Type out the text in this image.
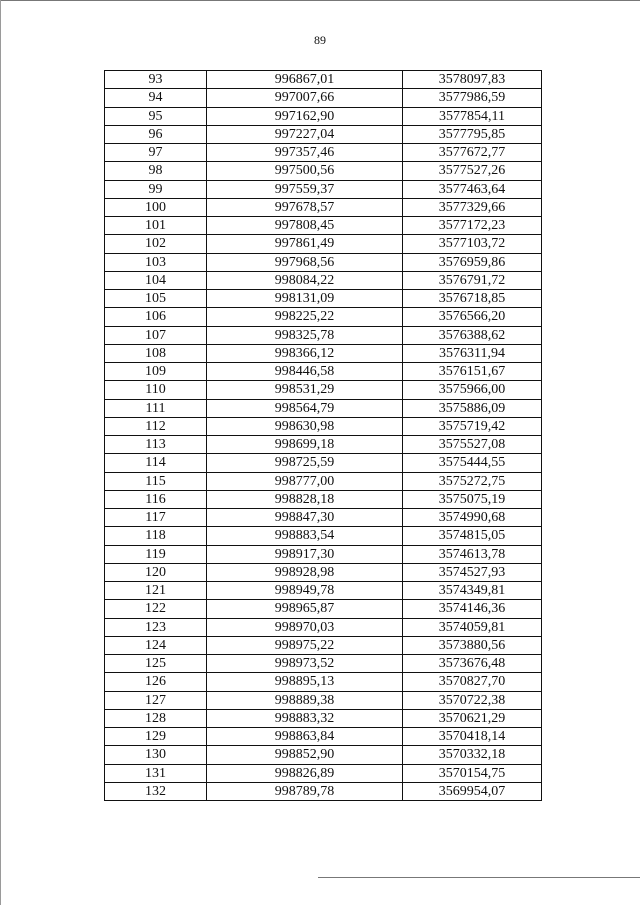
89
93	996867,01	3578097,83
94	997007,66	3577986,59
95	997162,90	3577854,11
96	997227,04	3577795,85
97	997357,46	3577672,77
98	997500,56	3577527,26
99	997559,37	3577463,64
100	997678,57	3577329,66
101	997808,45	3577172,23
102	997861,49	3577103,72
103	997968,56	3576959,86
104	998084,22	3576791,72
105	998131,09	3576718,85
106	998225,22	3576566,20
107	998325,78	3576388,62
108	998366,12	3576311,94
109	998446,58	3576151,67
110	998531,29	3575966,00
111	998564,79	3575886,09
112	998630,98	3575719,42
113	998699,18	3575527,08
114	998725,59	3575444,55
115	998777,00	3575272,75
116	998828,18	3575075,19
117	998847,30	3574990,68
118	998883,54	3574815,05
119	998917,30	3574613,78
120	998928,98	3574527,93
121	998949,78	3574349,81
122	998965,87	3574146,36
123	998970,03	3574059,81
124	998975,22	3573880,56
125	998973,52	3573676,48
126	998895,13	3570827,70
127	998889,38	3570722,38
128	998883,32	3570621,29
129	998863,84	3570418,14
130	998852,90	3570332,18
131	998826,89	3570154,75
132	998789,78	3569954,07
